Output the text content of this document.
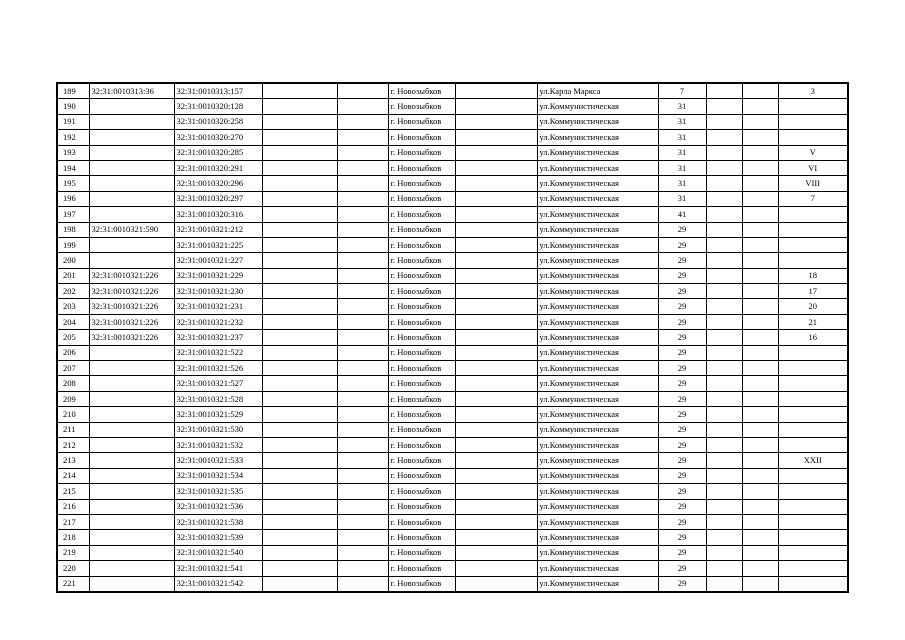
189	32:31:0010313:36	32:31:0010313:157			г. Новозыбков		ул.Карла Маркса	7			3
190		32:31:0010320:128			г. Новозыбков		ул.Коммунистическая	31			
191		32:31:0010320:258			г. Новозыбков		ул.Коммунистическая	31			
192		32:31:0010320:270			г. Новозыбков		ул.Коммунистическая	31			
193		32:31:0010320:285			г. Новозыбков		ул.Коммунистическая	31			V
194		32:31:0010320:291			г. Новозыбков		ул.Коммунистическая	31			VI
195		32:31:0010320:296			г. Новозыбков		ул.Коммунистическая	31			VIII
196		32:31:0010320:297			г. Новозыбков		ул.Коммунистическая	31			7
197		32:31:0010320:316			г. Новозыбков		ул.Коммунистическая	41			
198	32:31:0010321:590	32:31:0010321:212			г. Новозыбков		ул.Коммунистическая	29			
199		32:31:0010321:225			г. Новозыбков		ул.Коммунистическая	29			
200		32:31:0010321:227			г. Новозыбков		ул.Коммунистическая	29			
201	32:31:0010321:226	32:31:0010321:229			г. Новозыбков		ул.Коммунистическая	29			18
202	32:31:0010321:226	32:31:0010321:230			г. Новозыбков		ул.Коммунистическая	29			17
203	32:31:0010321:226	32:31:0010321:231			г. Новозыбков		ул.Коммунистическая	29			20
204	32:31:0010321:226	32:31:0010321:232			г. Новозыбков		ул.Коммунистическая	29			21
205	32:31:0010321:226	32:31:0010321:237			г. Новозыбков		ул.Коммунистическая	29			16
206		32:31:0010321:522			г. Новозыбков		ул.Коммунистическая	29			
207		32:31:0010321:526			г. Новозыбков		ул.Коммунистическая	29			
208		32:31:0010321:527			г. Новозыбков		ул.Коммунистическая	29			
209		32:31:0010321:528			г. Новозыбков		ул.Коммунистическая	29			
210		32:31:0010321:529			г. Новозыбков		ул.Коммунистическая	29			
211		32:31:0010321:530			г. Новозыбков		ул.Коммунистическая	29			
212		32:31:0010321:532			г. Новозыбков		ул.Коммунистическая	29			
213		32:31:0010321:533			г. Новозыбков		ул.Коммунистическая	29			XXII
214		32:31:0010321:534			г. Новозыбков		ул.Коммунистическая	29			
215		32:31:0010321:535			г. Новозыбков		ул.Коммунистическая	29			
216		32:31:0010321:536			г. Новозыбков		ул.Коммунистическая	29			
217		32:31:0010321:538			г. Новозыбков		ул.Коммунистическая	29			
218		32:31:0010321:539			г. Новозыбков		ул.Коммунистическая	29			
219		32:31:0010321:540			г. Новозыбков		ул.Коммунистическая	29			
220		32:31:0010321:541			г. Новозыбков		ул.Коммунистическая	29			
221		32:31:0010321:542			г. Новозыбков		ул.Коммунистическая	29			
